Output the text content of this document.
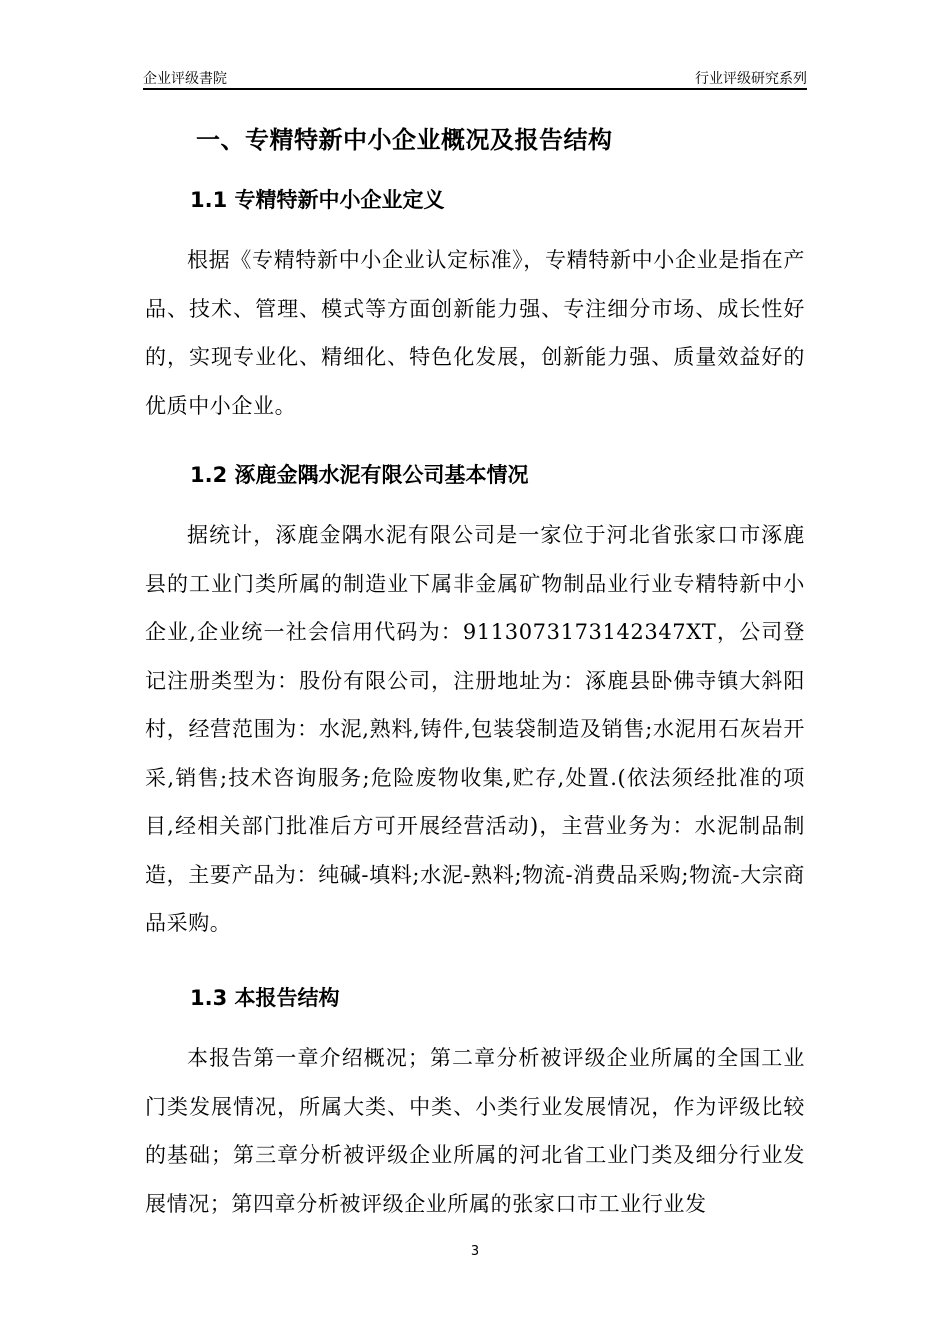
企业评级書院	行业评级研究系列
一、专精特新中小企业概况及报告结构
1.1 专精特新中小企业定义
根据《专精特新中小企业认定标准》，专精特新中小企业是指在产品、技术、管理、模式等方面创新能力强、专注细分市场、成长性好的，实现专业化、精细化、特色化发展，创新能力强、质量效益好的优质中小企业。
1.2 涿鹿金隅水泥有限公司基本情况
据统计，涿鹿金隅水泥有限公司是一家位于河北省张家口市涿鹿县的工业门类所属的制造业下属非金属矿物制品业行业专精特新中小企业,企业统一社会信用代码为：9113073173142347XT，公司登记注册类型为：股份有限公司，注册地址为：涿鹿县卧佛寺镇大斜阳村，经营范围为：水泥,熟料,铸件,包装袋制造及销售;水泥用石灰岩开采,销售;技术咨询服务;危险废物收集,贮存,处置.(依法须经批准的项目,经相关部门批准后方可开展经营活动)，主营业务为：水泥制品制造，主要产品为：纯碱-填料;水泥-熟料;物流-消费品采购;物流-大宗商品采购。
1.3 本报告结构
本报告第一章介绍概况；第二章分析被评级企业所属的全国工业门类发展情况，所属大类、中类、小类行业发展情况，作为评级比较的基础；第三章分析被评级企业所属的河北省工业门类及细分行业发展情况；第四章分析被评级企业所属的张家口市工业行业发
3
